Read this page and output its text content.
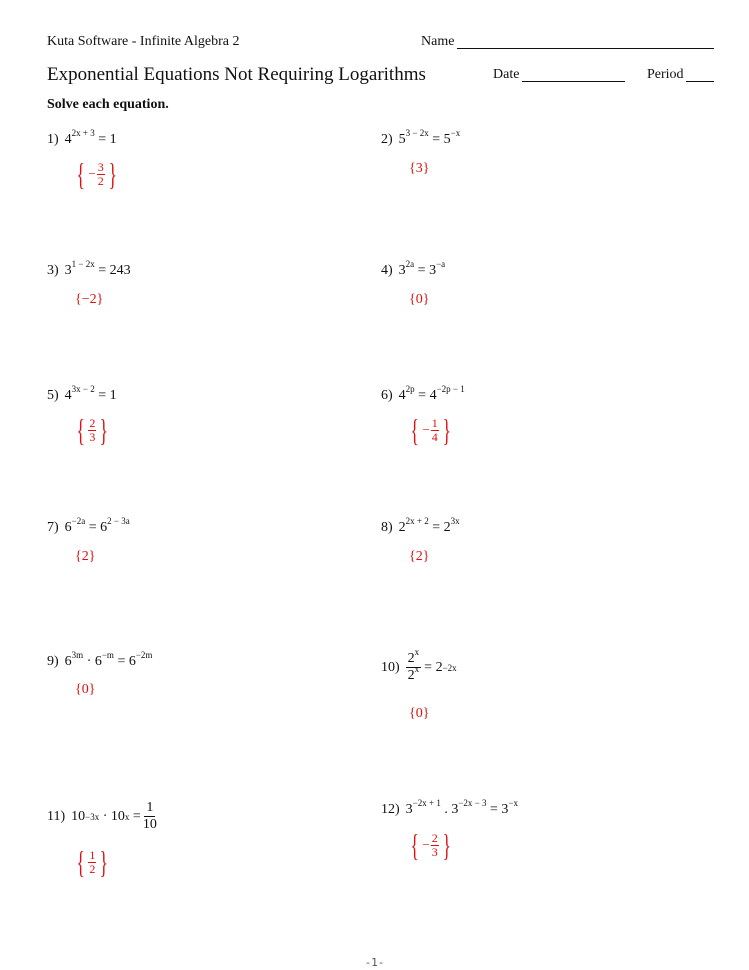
Kuta Software - Infinite Algebra 2	Name
Exponential Equations Not Requiring Logarithms	Date	Period
Solve each equation.
1) $4^{2x + 3} = 1$
{ − $\frac{3}{2}$ }
2) $5^{3 - 2x} = 5^{-x}$
{3}
3) $3^{1 - 2x} = 243$
{−2}
4) $3^{2a} = 3^{-a}$
{0}
5) $4^{3x - 2} = 1$
{ $\frac{2}{3}$ }
6) $4^{2p} = 4^{-2p - 1}$
{ − $\frac{1}{4}$ }
7) $6^{-2a} = 6^{2 - 3a}$
{2}
8) $2^{2x + 2} = 2^{3x}$
{2}
9) $6^{3m} \cdot 6^{-m} = 6^{-2m}$
{0}
$10) \frac{2^x}{2^x} = 2 -2x$
{0}
11) 10 −3x
· 10 x
= $\frac{1}{10}$
{ $\frac{1}{2}$ }
12) $3^{-2x + 1}$ . $3^{-2x - 3} = 3^{-x}$
{ − $\frac{2}{3}$ }
-1-
